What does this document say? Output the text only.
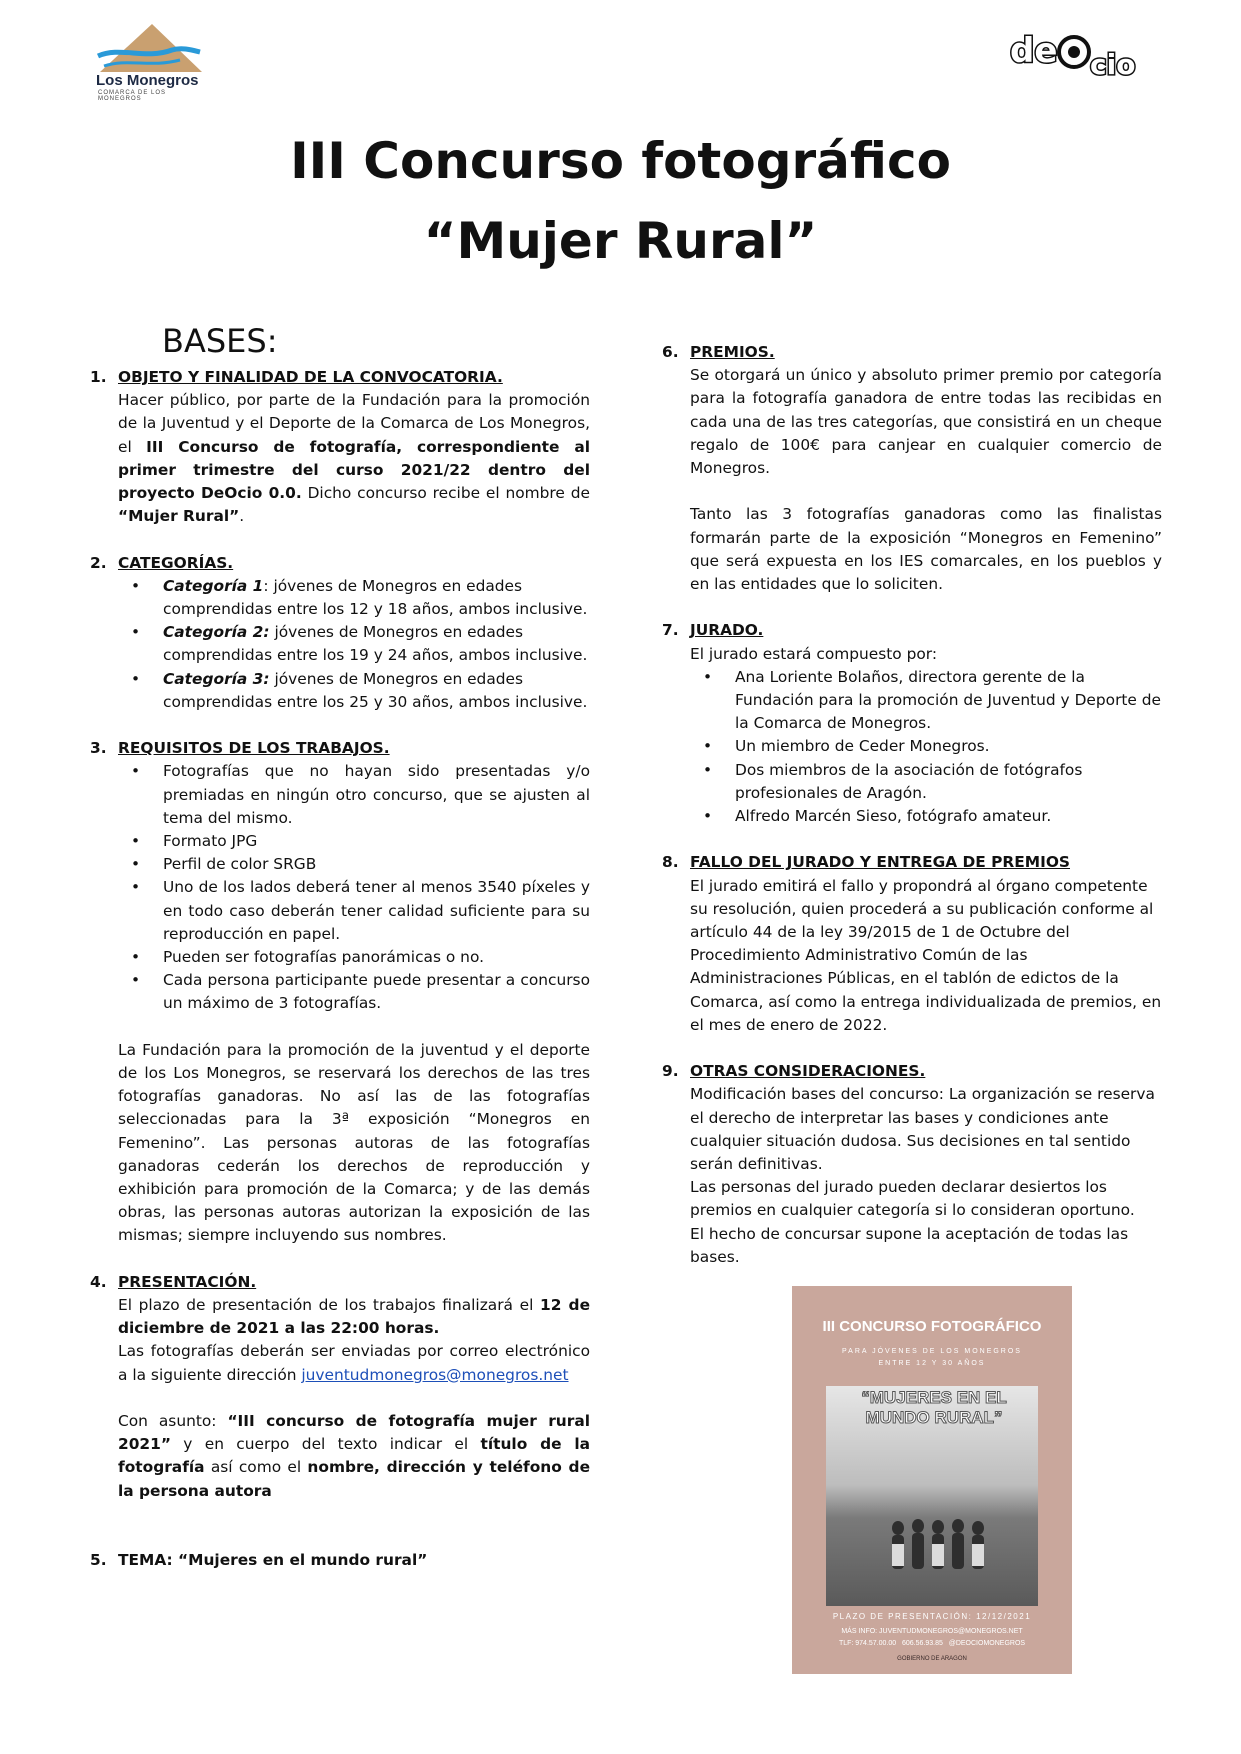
Los Monegros
COMARCA DE LOS MONEGROS
de cio
III Concurso fotográfico
“Mujer Rural”
BASES:
1. OBJETO Y FINALIDAD DE LA CONVOCATORIA.

Hacer público, por parte de la Fundación para la promoción de la Juventud y el Deporte de la Comarca de Los Monegros, el III Concurso de fotografía, correspondiente al primer trimestre del curso 2021/22 dentro del proyecto DeOcio 0.0. Dicho concurso recibe el nombre de “Mujer Rural”.

2. CATEGORÍAS.
• Categoría 1: jóvenes de Monegros en edades comprendidas entre los 12 y 18 años, ambos inclusive.
• Categoría 2: jóvenes de Monegros en edades comprendidas entre los 19 y 24 años, ambos inclusive.
• Categoría 3: jóvenes de Monegros en edades comprendidas entre los 25 y 30 años, ambos inclusive.
3. REQUISITOS DE LOS TRABAJOS.
• Fotografías que no hayan sido presentadas y/o premiadas en ningún otro concurso, que se ajusten al tema del mismo.
• Formato JPG
• Perfil de color SRGB
• Uno de los lados deberá tener al menos 3540 píxeles y en todo caso deberán tener calidad suficiente para su reproducción en papel.
• Pueden ser fotografías panorámicas o no.
• Cada persona participante puede presentar a concurso un máximo de 3 fotografías.

La Fundación para la promoción de la juventud y el deporte de los Los Monegros, se reservará los derechos de las tres fotografías ganadoras. No así las de las fotografías seleccionadas para la 3ª exposición “Monegros en Femenino”. Las personas autoras de las fotografías ganadoras cederán los derechos de reproducción y exhibición para promoción de la Comarca; y de las demás obras, las personas autoras autorizan la exposición de las mismas; siempre incluyendo sus nombres.

4. PRESENTACIÓN.

El plazo de presentación de los trabajos finalizará el 12 de diciembre de 2021 a las 22:00 horas.

Las fotografías deberán ser enviadas por correo electrónico a la siguiente dirección juventudmonegros@monegros.net

Con asunto: “III concurso de fotografía mujer rural 2021” y en cuerpo del texto indicar el título de la fotografía así como el nombre, dirección y teléfono de la persona autora

5. TEMA: “Mujeres en el mundo rural”

6. PREMIOS.

Se otorgará un único y absoluto primer premio por categoría para la fotografía ganadora de entre todas las recibidas en cada una de las tres categorías, que consistirá en un cheque regalo de 100€ para canjear en cualquier comercio de Monegros.

Tanto las 3 fotografías ganadoras como las finalistas formarán parte de la exposición “Monegros en Femenino” que será expuesta en los IES comarcales, en los pueblos y en las entidades que lo soliciten.

7. JURADO.

El jurado estará compuesto por:

• Ana Loriente Bolaños, directora gerente de la Fundación para la promoción de Juventud y Deporte de la Comarca de Monegros.
• Un miembro de Ceder Monegros.
• Dos miembros de la asociación de fotógrafos profesionales de Aragón.
• Alfredo Marcén Sieso, fotógrafo amateur.
8. FALLO DEL JURADO Y ENTREGA DE PREMIOS

El jurado emitirá el fallo y propondrá al órgano competente su resolución, quien procederá a su publicación conforme al artículo 44 de la ley 39/2015 de 1 de Octubre del Procedimiento Administrativo Común de las Administraciones Públicas, en el tablón de edictos de la Comarca, así como la entrega individualizada de premios, en el mes de enero de 2022.

9. OTRAS CONSIDERACIONES.

Modificación bases del concurso: La organización se reserva el derecho de interpretar las bases y condiciones ante cualquier situación dudosa. Sus decisiones en tal sentido serán definitivas.

Las personas del jurado pueden declarar desiertos los premios en cualquier categoría si lo consideran oportuno.

El hecho de concursar supone la aceptación de todas las bases.

III CONCURSO FOTOGRÁFICO
PARA JÓVENES DE LOS MONEGROS
ENTRE 12 Y 30 AÑOS
“MUJERES EN EL MUNDO RURAL”
PLAZO DE PRESENTACIÓN: 12/12/2021
MÁS INFO: JUVENTUDMONEGROS@MONEGROS.NET
TLF: 974.57.00.00 606.56.93.85 @DEOCIOMONEGROS
GOBIERNO DE ARAGON
